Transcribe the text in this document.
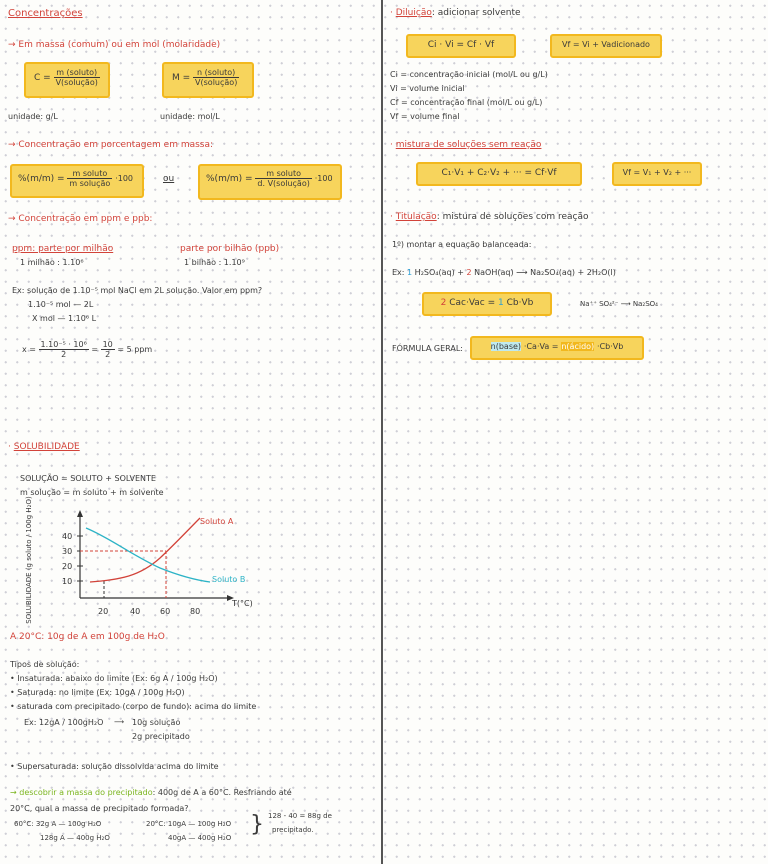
Concentrações
→ Em massa (comum) ou em mol (molaridade)
$C = \frac{\text{m (soluto)}}{\text{V(solução)}}$	$M = \frac{\text{n (soluto)}}{\text{V(solução)}}$
unidade: g/L	unidade: mol/L
→ Concentração em porcentagem em massa:
$\%(m/m) = \frac{\text{m soluto}}{\text{m solução}} \cdot 100$	ou	$\%(m/m) = \frac{\text{m soluto}}{\text{d. V(solução)}} \cdot 100$
→ Concentração em ppm e ppb:
ppm: parte por milhão
1 milhão : 1.10⁶
parte por bilhão (ppb)
1 bilhão : 1.10⁹
Ex: solução de 1.10⁻⁵ mol NaCl em 2L solução. Valor em ppm?
1.10⁻⁵ mol — 2L
X mol — 1.10⁶ L
$x = \frac{\text{1.10⁻⁵ · 10⁶}}{2} = \frac{10}{2} = 5$ ppm
· Diluição: adicionar solvente
Ci · Vi = Cf · Vf	Vf = Vi + Vadicionado
Ci = concentração inicial (mol/L ou g/L)
Vi = volume inicial
Cf = concentração final (mol/L ou g/L)
Vf = volume final
· mistura de soluções sem reação
C₁·V₁ + C₂·V₂ + ··· = Cf·Vf	Vf = V₁ + V₂ + ···
· Titulação: mistura de soluções com reação
1º) montar a equação balanceada:
Ex: 1 H₂SO₄(aq) + 2 NaOH(aq) ⟶ Na₂SO₄(aq) + 2H₂O(l)
2 Cac·Vac = 1 Cb·Vb	Na⁺⁺ SO₄²⁻ ⟶ Na₂SO₄
FÓRMULA GERAL:	n(base) ·Ca·Va = n(ácido) ·Cb·Vb
· SOLUBILIDADE
SOLUÇÃO = SOLUTO + SOLVENTE
m solução = m soluto + m solvente
40
30
20
10
20	40 60 80
T(°C)
Soluto A
Soluto B
SOLUBILIDADE (g soluto / 100g H₂O)
A 20°C: 10g de A em 100g de H₂O
Tipos de solução:
• Insaturada: abaixo do limite (Ex: 6g A / 100g H₂O)
• Saturada: no limite (Ex: 10gA / 100g H₂O)
• saturada com precipitado (corpo de fundo): acima do limite
Ex: 12gA / 100gH₂O ⟶ 10g solução
2g precipitado
• Supersaturada: solução dissolvida acima do limite
→ descobrir a massa do precipitado: 400g de A a 60°C. Resfriando até
20°C, qual a massa de precipitado formada?
60°C: 32g A — 100g H₂O
128g A — 400g H₂O
20°C: 10gA — 100g H₂O
40gA — 400g H₂O
} 128 - 40 = 88g de
precipitado.
